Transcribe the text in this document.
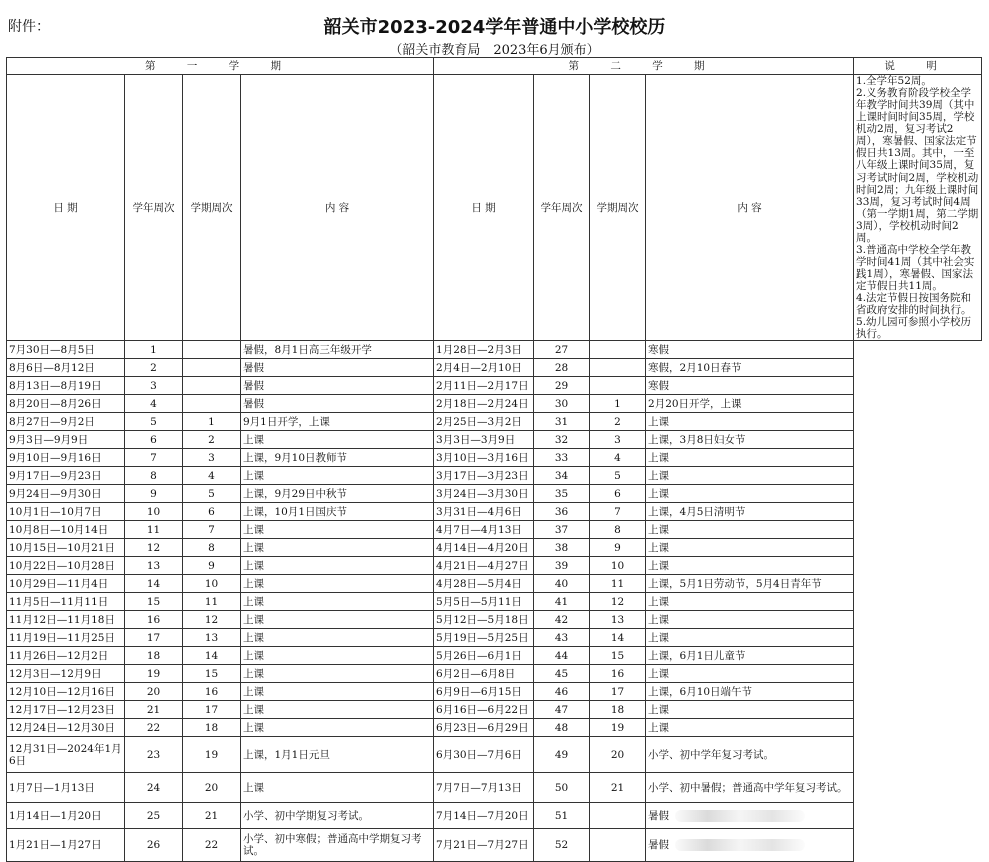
附件：	韶关市2023-2024学年普通中小学校校历
（韶关市教育局　2023年6月颁布）
第 一 学 期				第 二 学 期				说 明
日 期	学年周次	学期周次	内 容	日 期	学年周次	学期周次	内 容	1.全学年52周。
2.义务教育阶段学校全学年教学时间共39周（其中上课时间时间35周，学校机动2周，复习考试2周），寒暑假、国家法定节假日共13周。其中，一至八年级上课时间35周，复习考试时间2周，学校机动时间2周；九年级上课时间33周，复习考试时间4周（第一学期1周，第二学期3周），学校机动时间2周。
3.普通高中学校全学年教学时间41周（其中社会实践1周），寒暑假、国家法定节假日共11周。
4.法定节假日按国务院和省政府安排的时间执行。
5.幼儿园可参照小学校历执行。

7月30日—8月5日	1		暑假，8月1日高三年级开学	1月28日—2月3日	27		寒假	
8月6日—8月12日	2		暑假	2月4日—2月10日	28		寒假，2月10日春节	
8月13日—8月19日	3		暑假	2月11日—2月17日	29		寒假	
8月20日—8月26日	4		暑假	2月18日—2月24日	30	1	2月20日开学，上课	
8月27日—9月2日	5	1	9月1日开学，上课	2月25日—3月2日	31	2	上课	
9月3日—9月9日	6	2	上课	3月3日—3月9日	32	3	上课，3月8日妇女节	
9月10日—9月16日	7	3	上课，9月10日教师节	3月10日—3月16日	33	4	上课	
9月17日—9月23日	8	4	上课	3月17日—3月23日	34	5	上课	
9月24日—9月30日	9	5	上课，9月29日中秋节	3月24日—3月30日	35	6	上课	
10月1日—10月7日	10	6	上课，10月1日国庆节	3月31日—4月6日	36	7	上课，4月5日清明节	
10月8日—10月14日	11	7	上课	4月7日—4月13日	37	8	上课	
10月15日—10月21日	12	8	上课	4月14日—4月20日	38	9	上课	
10月22日—10月28日	13	9	上课	4月21日—4月27日	39	10	上课	
10月29日—11月4日	14	10	上课	4月28日—5月4日	40	11	上课，5月1日劳动节，5月4日青年节	
11月5日—11月11日	15	11	上课	5月5日—5月11日	41	12	上课	
11月12日—11月18日	16	12	上课	5月12日—5月18日	42	13	上课	
11月19日—11月25日	17	13	上课	5月19日—5月25日	43	14	上课	
11月26日—12月2日	18	14	上课	5月26日—6月1日	44	15	上课，6月1日儿童节	
12月3日—12月9日	19	15	上课	6月2日—6月8日	45	16	上课	
12月10日—12月16日	20	16	上课	6月9日—6月15日	46	17	上课，6月10日端午节	
12月17日—12月23日	21	17	上课	6月16日—6月22日	47	18	上课	
12月24日—12月30日	22	18	上课	6月23日—6月29日	48	19	上课	
12月31日—2024年1月6日	23	19	上课，1月1日元旦	6月30日—7月6日	49	20	小学、初中学年复习考试。	
1月7日—1月13日	24	20	上课	7月7日—7月13日	50	21	小学、初中暑假；普通高中学年复习考试。	
1月14日—1月20日	25	21	小学、初中学期复习考试。	7月14日—7月20日	51		暑假	
1月21日—1月27日	26	22	小学、初中寒假；普通高中学期复习考试。	7月21日—7月27日	52		暑假	
